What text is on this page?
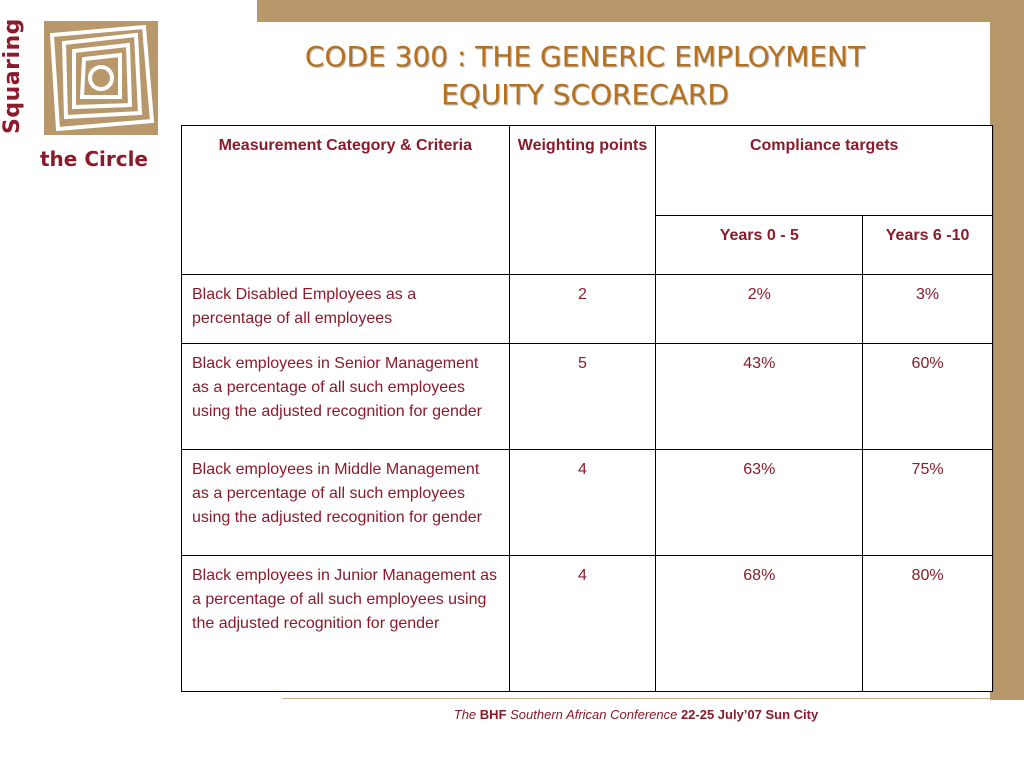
Squaring
the Circle
CODE 300 : THE GENERIC EMPLOYMENT
EQUITY SCORECARD
Measurement Category & Criteria	Weighting points	Compliance targets	

		Years 0 - 5	Years 6 -10

Black Disabled Employees as a percentage of all employees	2	2%	3%

Black employees in Senior Management as a percentage of all such employees using the adjusted recognition for gender	5	43%	60%

Black employees in Middle Management as a percentage of all such employees using the adjusted recognition for gender	4	63%	75%

Black employees in Junior Management as a percentage of all such employees using the adjusted recognition for gender	4	68%	80%
The BHF Southern African Conference 22-25 July’07 Sun City
